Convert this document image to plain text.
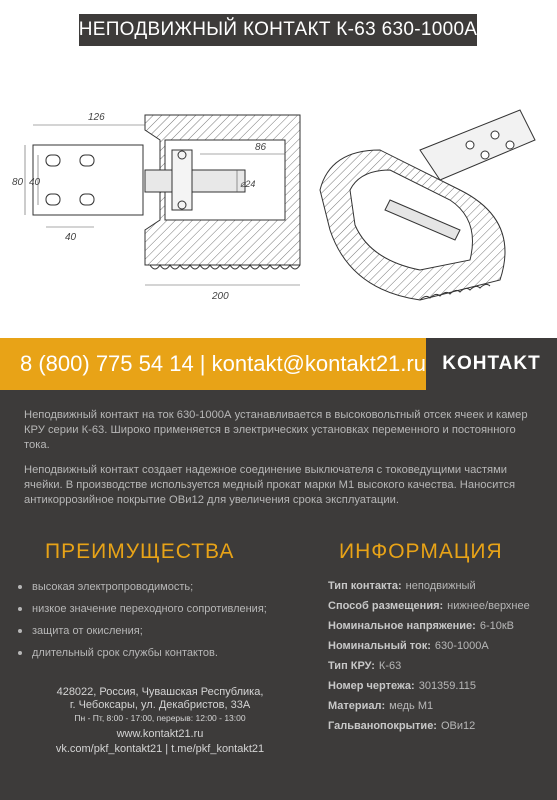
НЕПОДВИЖНЫЙ КОНТАКТ К-63 630-1000А
126
86
80 40
40
⌀24
200
8 (800) 775 54 14 | kontakt@kontakt21.ru KOHTAKT

Неподвижный контакт на ток 630-1000А устанавливается в высоковольтный отсек ячеек и камер КРУ серии К-63. Широко применяется в электрических установках переменного и постоянного тока.

Неподвижный контакт создает надежное соединение выключателя с токоведущими частями ячейки. В производстве используется медный прокат марки М1 высокого качества. Наносится антикоррозийное покрытие ОВи12 для увеличения срока эксплуатации.

ПРЕИМУЩЕСТВА	ИНФОРМАЦИЯ
высокая электропроводимость;
низкое значение переходного сопротивления;
защита от окисления;
длительный срок службы контактов.
Тип контакта: неподвижный
Способ размещения: нижнее/верхнее
Номинальное напряжение: 6-10кВ
Номинальный ток: 630-1000А
Тип КРУ: К-63
Номер чертежа: 301359.115
Материал: медь М1
Гальванопокрытие: ОВи12
428022, Россия, Чувашская Республика,
г. Чебоксары, ул. Декабристов, 33А
Пн - Пт, 8:00 - 17:00, перерыв: 12:00 - 13:00
www.kontakt21.ru
vk.com/pkf_kontakt21 | t.me/pkf_kontakt21
